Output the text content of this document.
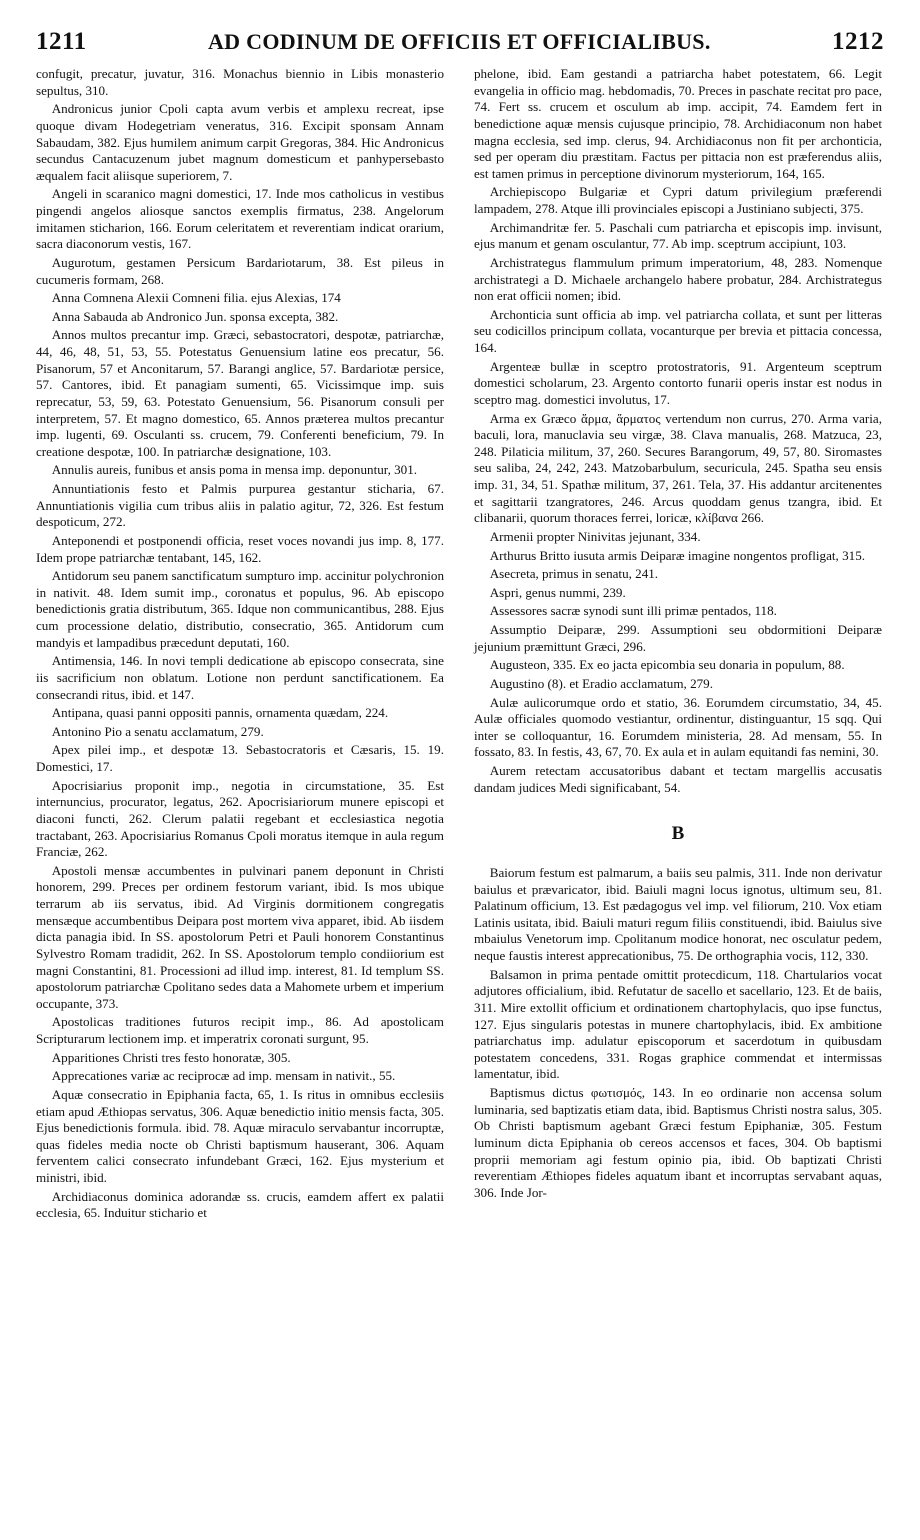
1211	AD CODINUM DE OFFICIIS ET OFFICIALIBUS.	1212

confugit, precatur, juvatur, 316. Monachus biennio in Libis monasterio sepultus, 310.

Andronicus junior Cpoli capta avum verbis et amplexu recreat, ipse quoque divam Hodegetriam veneratus, 316. Excipit sponsam Annam Sabaudam, 382. Ejus humilem animum carpit Gregoras, 384. Hic Andronicus secundus Cantacuzenum jubet magnum domesticum et panhypersebasto æqualem facit aliisque superiorem, 7.

Angeli in scaranico magni domestici, 17. Inde mos catholicus in vestibus pingendi angelos aliosque sanctos exemplis firmatus, 238. Angelorum imitamen sticharion, 166. Eorum celeritatem et reverentiam indicat orarium, sacra diaconorum vestis, 167.

Augurotum, gestamen Persicum Bardariotarum, 38. Est pileus in cucumeris formam, 268.

Anna Comnena Alexii Comneni filia. ejus Alexias, 174

Anna Sabauda ab Andronico Jun. sponsa excepta, 382.

Annos multos precantur imp. Græci, sebastocratori, despotæ, patriarchæ, 44, 46, 48, 51, 53, 55. Potestatus Genuensium latine eos precatur, 56. Pisanorum, 57 et Anconitarum, 57. Barangi anglice, 57. Bardariotæ persice, 57. Cantores, ibid. Et panagiam sumenti, 65. Vicissimque imp. suis reprecatur, 53, 59, 63. Potestato Genuensium, 56. Pisanorum consuli per interpretem, 57. Et magno domestico, 65. Annos præterea multos precantur imp. lugenti, 69. Osculanti ss. crucem, 79. Conferenti beneficium, 79. In creatione despotæ, 100. In patriarchæ designatione, 103.

Annulis aureis, funibus et ansis poma in mensa imp. deponuntur, 301.

Annuntiationis festo et Palmis purpurea gestantur sticharia, 67. Annuntiationis vigilia cum tribus aliis in palatio agitur, 72, 326. Est festum despoticum, 272.

Anteponendi et postponendi officia, reset voces novandi jus imp. 8, 177. Idem prope patriarchæ tentabant, 145, 162.

Antidorum seu panem sanctificatum sumpturo imp. accinitur polychronion in nativit. 48. Idem sumit imp., coronatus et populus, 96. Ab episcopo benedictionis gratia distributum, 365. Idque non communicantibus, 288. Ejus cum processione delatio, distributio, consecratio, 365. Antidorum cum mandyis et lampadibus præcedunt deputati, 160.

Antimensia, 146. In novi templi dedicatione ab episcopo consecrata, sine iis sacrificium non oblatum. Lotione non perdunt sanctificationem. Ea consecrandi ritus, ibid. et 147.

Antipana, quasi panni oppositi pannis, ornamenta quædam, 224.

Antonino Pio a senatu acclamatum, 279.

Apex pilei imp., et despotæ 13. Sebastocratoris et Cæsaris, 15. 19. Domestici, 17.

Apocrisiarius proponit imp., negotia in circumstatione, 35. Est internuncius, procurator, legatus, 262. Apocrisiariorum munere episcopi et diaconi functi, 262. Clerum palatii regebant et ecclesiastica negotia tractabant, 263. Apocrisiarius Romanus Cpoli moratus itemque in aula regum Franciæ, 262.

Apostoli mensæ accumbentes in pulvinari panem deponunt in Christi honorem, 299. Preces per ordinem festorum variant, ibid. Is mos ubique terrarum ab iis servatus, ibid. Ad Virginis dormitionem congregatis mensæque accumbentibus Deipara post mortem viva apparet, ibid. Ab iisdem dicta panagia ibid. In SS. apostolorum Petri et Pauli honorem Constantinus Sylvestro Romam tradidit, 262. In SS. Apostolorum templo condiiorium est magni Constantini, 81. Processioni ad illud imp. interest, 81. Id templum SS. apostolorum patriarchæ Cpolitano sedes data a Mahomete urbem et imperium occupante, 373.

Apostolicas traditiones futuros recipit imp., 86. Ad apostolicam Scripturarum lectionem imp. et imperatrix coronati surgunt, 95.

Apparitiones Christi tres festo honoratæ, 305.

Apprecationes variæ ac reciprocæ ad imp. mensam in nativit., 55.

Aquæ consecratio in Epiphania facta, 65, 1. Is ritus in omnibus ecclesiis etiam apud Æthiopas servatus, 306. Aquæ benedictio initio mensis facta, 305. Ejus benedictionis formula. ibid. 78. Aquæ miraculo servabantur incorruptæ, quas fideles media nocte ob Christi baptismum hauserant, 306. Aquam ferventem calici consecrato infundebant Græci, 162. Ejus mysterium et ministri, ibid.

Archidiaconus dominica adorandæ ss. crucis, eamdem affert ex palatii ecclesia, 65. Induitur stichario et

phelone, ibid. Eam gestandi a patriarcha habet potestatem, 66. Legit evangelia in officio mag. hebdomadis, 70. Preces in paschate recitat pro pace, 74. Fert ss. crucem et osculum ab imp. accipit, 74. Eamdem fert in benedictione aquæ mensis cujusque principio, 78. Archidiaconum non habet magna ecclesia, sed imp. clerus, 94. Archidiaconus non fit per archonticia, sed per operam diu præstitam. Factus per pittacia non est præferendus aliis, est tamen primus in perceptione divinorum mysteriorum, 164, 165.

Archiepiscopo Bulgariæ et Cypri datum privilegium præferendi lampadem, 278. Atque illi provinciales episcopi a Justiniano subjecti, 375.

Archimandritæ fer. 5. Paschali cum patriarcha et episcopis imp. invisunt, ejus manum et genam osculantur, 77. Ab imp. sceptrum accipiunt, 103.

Archistrategus flammulum primum imperatorium, 48, 283. Nomenque archistrategi a D. Michaele archangelo habere probatur, 284. Archistrategus non erat officii nomen; ibid.

Archonticia sunt officia ab imp. vel patriarcha collata, et sunt per litteras seu codicillos principum collata, vocanturque per brevia et pittacia concessa, 164.

Argenteæ bullæ in sceptro protostratoris, 91. Argenteum sceptrum domestici scholarum, 23. Argento contorto funarii operis instar est nodus in sceptro mag. domestici involutus, 17.

Arma ex Græco ἅρμα, ἅρματος vertendum non currus, 270. Arma varia, baculi, lora, manuclavia seu virgæ, 38. Clava manualis, 268. Matzuca, 23, 248. Pilaticia militum, 37, 260. Secures Barangorum, 49, 57, 80. Siromastes seu saliba, 24, 242, 243. Matzobarbulum, securicula, 245. Spatha seu ensis imp. 31, 34, 51. Spathæ militum, 37, 261. Tela, 37. His addantur arcitenentes et sagittarii tzangratores, 246. Arcus quoddam genus tzangra, ibid. Et clibanarii, quorum thoraces ferrei, loricæ, κλίβανα 266.

Armenii propter Ninivitas jejunant, 334.

Arthurus Britto iusuta armis Deiparæ imagine nongentos profligat, 315.

Asecreta, primus in senatu, 241.

Aspri, genus nummi, 239.

Assessores sacræ synodi sunt illi primæ pentados, 118.

Assumptio Deiparæ, 299. Assumptioni seu obdormitioni Deiparæ jejunium præmittunt Græci, 296.

Augusteon, 335. Ex eo jacta epicombia seu donaria in populum, 88.

Augustino (8). et Eradio acclamatum, 279.

Aulæ aulicorumque ordo et statio, 36. Eorumdem circumstatio, 34, 45. Aulæ officiales quomodo vestiantur, ordinentur, distinguantur, 15 sqq. Qui inter se colloquantur, 16. Eorumdem ministeria, 28. Ad mensam, 55. In fossato, 83. In festis, 43, 67, 70. Ex aula et in aulam equitandi fas nemini, 30.

Aurem retectam accusatoribus dabant et tectam margellis accusatis dandam judices Medi significabant, 54.

B

Baiorum festum est palmarum, a baiis seu palmis, 311. Inde non derivatur baiulus et prævaricator, ibid. Baiuli magni locus ignotus, ultimum seu, 81. Palatinum officium, 13. Est pædagogus vel imp. vel filiorum, 210. Vox etiam Latinis usitata, ibid. Baiuli maturi regum filiis constituendi, ibid. Baiulus sive mbaiulus Venetorum imp. Cpolitanum modice honorat, nec osculatur pedem, neque faustis interest apprecationibus, 75. De orthographia vocis, 112, 330.

Balsamon in prima pentade omittit protecdicum, 118. Chartularios vocat adjutores officialium, ibid. Refutatur de sacello et sacellario, 123. Et de baiis, 311. Mire extollit officium et ordinationem chartophylacis, quo ipse functus, 127. Ejus singularis potestas in munere chartophylacis, ibid. Ex ambitione patriarchatus imp. adulatur episcoporum et sacerdotum in quibusdam potestatem concedens, 331. Rogas graphice commendat et intermissas lamentatur, ibid.

Baptismus dictus φωτισμός, 143. In eo ordinarie non accensa solum luminaria, sed baptizatis etiam data, ibid. Baptismus Christi nostra salus, 305. Ob Christi baptismum agebant Græci festum Epiphaniæ, 305. Festum luminum dicta Epiphania ob cereos accensos et faces, 304. Ob baptismi proprii memoriam agi festum opinio pia, ibid. Ob baptizati Christi reverentiam Æthiopes fideles aquatum ibant et incorruptas servabant aquas, 306. Inde Jor-
